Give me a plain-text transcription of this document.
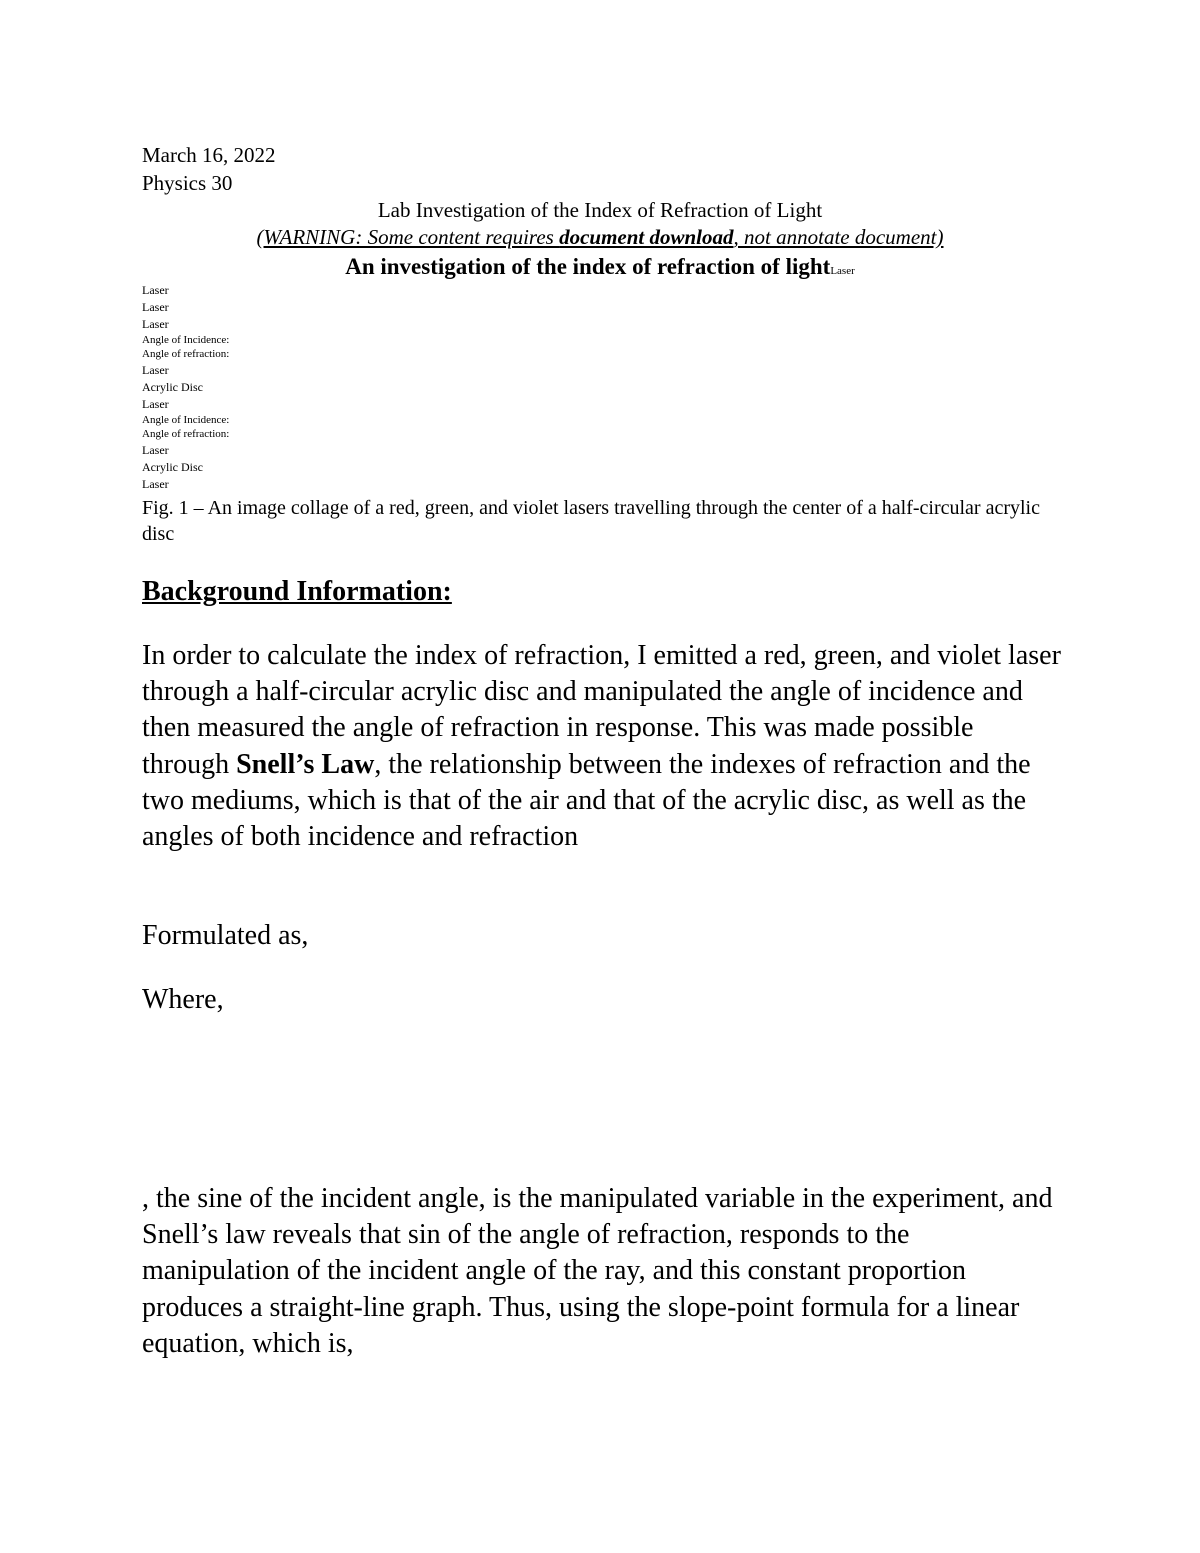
March 16, 2022

Physics 30

Lab Investigation of the Index of Refraction of Light

(WARNING: Some content requires document download, not annotate document)

An investigation of the index of refraction of lightLaser

Laser

Laser

Laser

Angle of Incidence:

Angle of refraction:

Laser

Acrylic Disc

Laser

Angle of Incidence:

Angle of refraction:

Laser

Acrylic Disc

Laser

Fig. 1 – An image collage of a red, green, and violet lasers travelling through the center of a half-circular acrylic disc

Background Information:

In order to calculate the index of refraction, I emitted a red, green, and violet laser through a half-circular acrylic disc and manipulated the angle of incidence and then measured the angle of refraction in response. This was made possible through Snell’s Law, the relationship between the indexes of refraction and the two mediums, which is that of the air and that of the acrylic disc, as well as the angles of both incidence and refraction

Formulated as,

Where,

, the sine of the incident angle, is the manipulated variable in the experiment, and Snell’s law reveals that sin of the angle of refraction, responds to the manipulation of the incident angle of the ray, and this constant proportion produces a straight-line graph. Thus, using the slope-point formula for a linear equation, which is,
